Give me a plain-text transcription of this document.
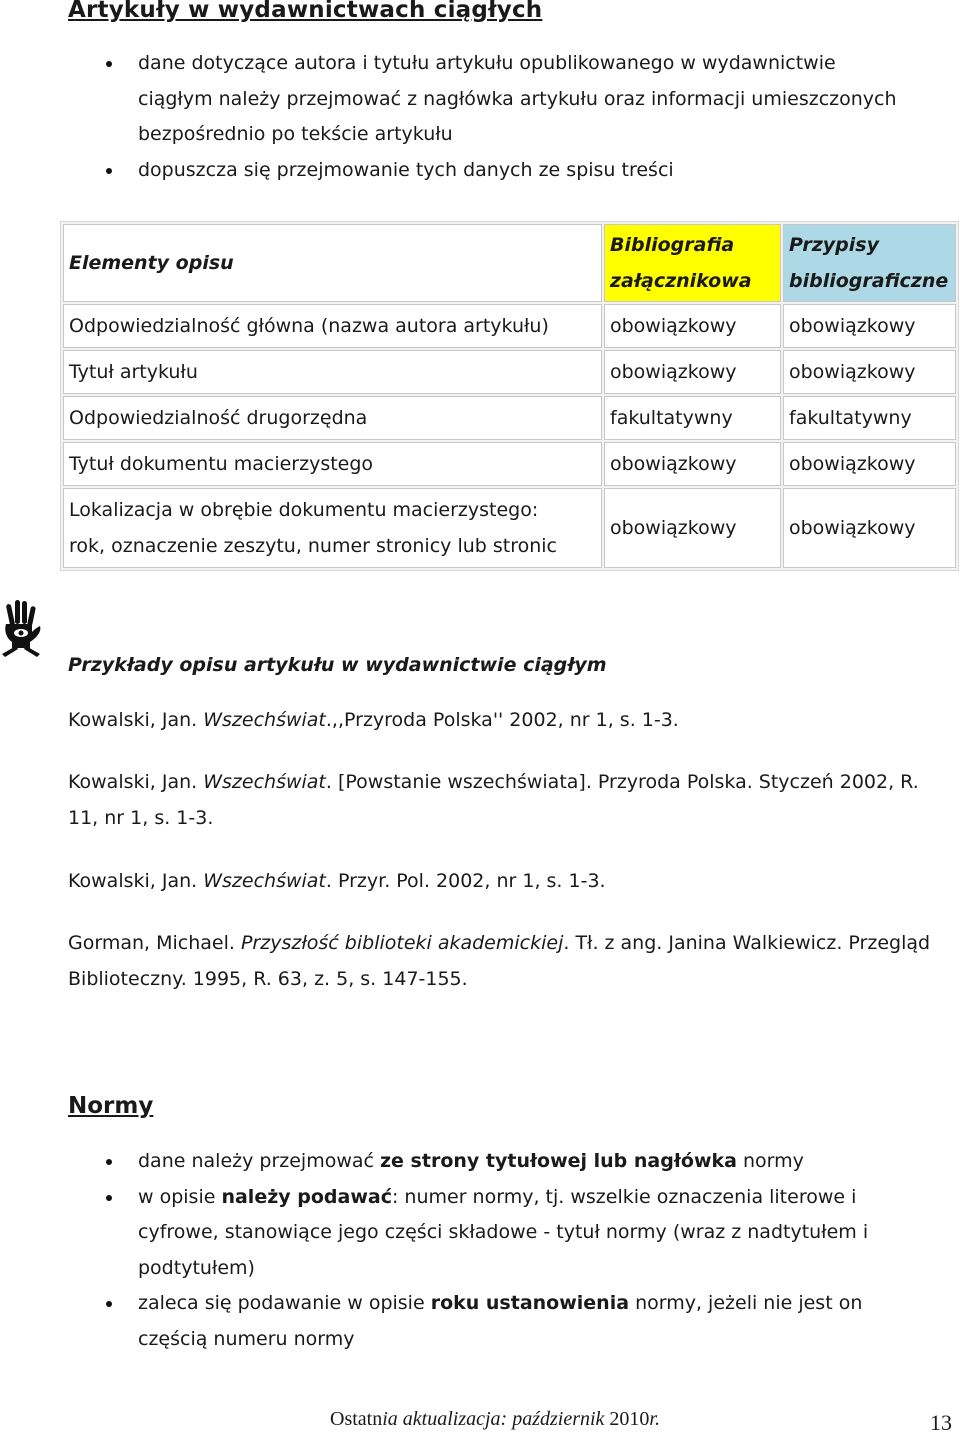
Artykuły w wydawnictwach ciągłych
dane dotyczące autora i tytułu artykułu opublikowanego w wydawnictwie ciągłym należy przejmować z nagłówka artykułu oraz informacji umieszczonych bezpośrednio po tekście artykułu
dopuszcza się przejmowanie tych danych ze spisu treści
Elementy opisu	Bibliografia załącznikowa	Przypisy bibliograficzne
Odpowiedzialność główna (nazwa autora artykułu)	obowiązkowy	obowiązkowy
Tytuł artykułu	obowiązkowy	obowiązkowy
Odpowiedzialność drugorzędna	fakultatywny	fakultatywny
Tytuł dokumentu macierzystego	obowiązkowy	obowiązkowy

Lokalizacja w obrębie dokumentu macierzystego:
rok, oznaczenie zeszytu, numer stronicy lub stronic	obowiązkowy	obowiązkowy
Przykłady opisu artykułu w wydawnictwie ciągłym
Kowalski, Jan. Wszechświat.,,Przyroda Polska'' 2002, nr 1, s. 1-3.
Kowalski, Jan. Wszechświat. [Powstanie wszechświata]. Przyroda Polska. Styczeń 2002, R. 11, nr 1, s. 1-3.
Kowalski, Jan. Wszechświat. Przyr. Pol. 2002, nr 1, s. 1-3.
Gorman, Michael. Przyszłość biblioteki akademickiej. Tł. z ang. Janina Walkiewicz. Przegląd Biblioteczny. 1995, R. 63, z. 5, s. 147-155.
Normy
dane należy przejmować ze strony tytułowej lub nagłówka normy
w opisie należy podawać: numer normy, tj. wszelkie oznaczenia literowe i cyfrowe, stanowiące jego części składowe - tytuł normy (wraz z nadtytułem i podtytułem)
zaleca się podawanie w opisie roku ustanowienia normy, jeżeli nie jest on częścią numeru normy
Ostatnia aktualizacja: październik 2010r.	13
